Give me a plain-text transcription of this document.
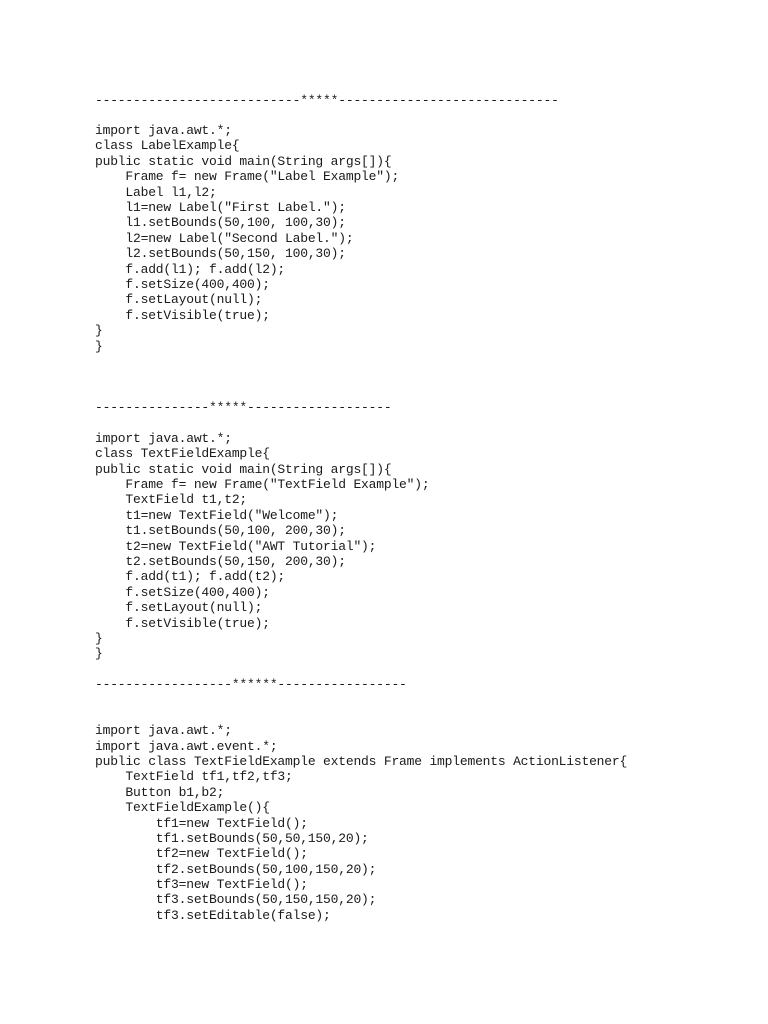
---------------------------*****-----------------------------
import java.awt.*;
class LabelExample{
public static void main(String args[]){
Frame f= new Frame("Label Example");
Label l1,l2;
l1=new Label("First Label.");
l1.setBounds(50,100, 100,30);
l2=new Label("Second Label.");
l2.setBounds(50,150, 100,30);
f.add(l1); f.add(l2);
f.setSize(400,400);
f.setLayout(null);
f.setVisible(true);
}
}
---------------*****-------------------
import java.awt.*;
class TextFieldExample{
public static void main(String args[]){
Frame f= new Frame("TextField Example");
TextField t1,t2;
t1=new TextField("Welcome");
t1.setBounds(50,100, 200,30);
t2=new TextField("AWT Tutorial");
t2.setBounds(50,150, 200,30);
f.add(t1); f.add(t2);
f.setSize(400,400);
f.setLayout(null);
f.setVisible(true);
}
}
------------------******-----------------
import java.awt.*;
import java.awt.event.*;
public class TextFieldExample extends Frame implements ActionListener{
TextField tf1,tf2,tf3;
Button b1,b2;
TextFieldExample(){
tf1=new TextField();
tf1.setBounds(50,50,150,20);
tf2=new TextField();
tf2.setBounds(50,100,150,20);
tf3=new TextField();
tf3.setBounds(50,150,150,20);
tf3.setEditable(false);
